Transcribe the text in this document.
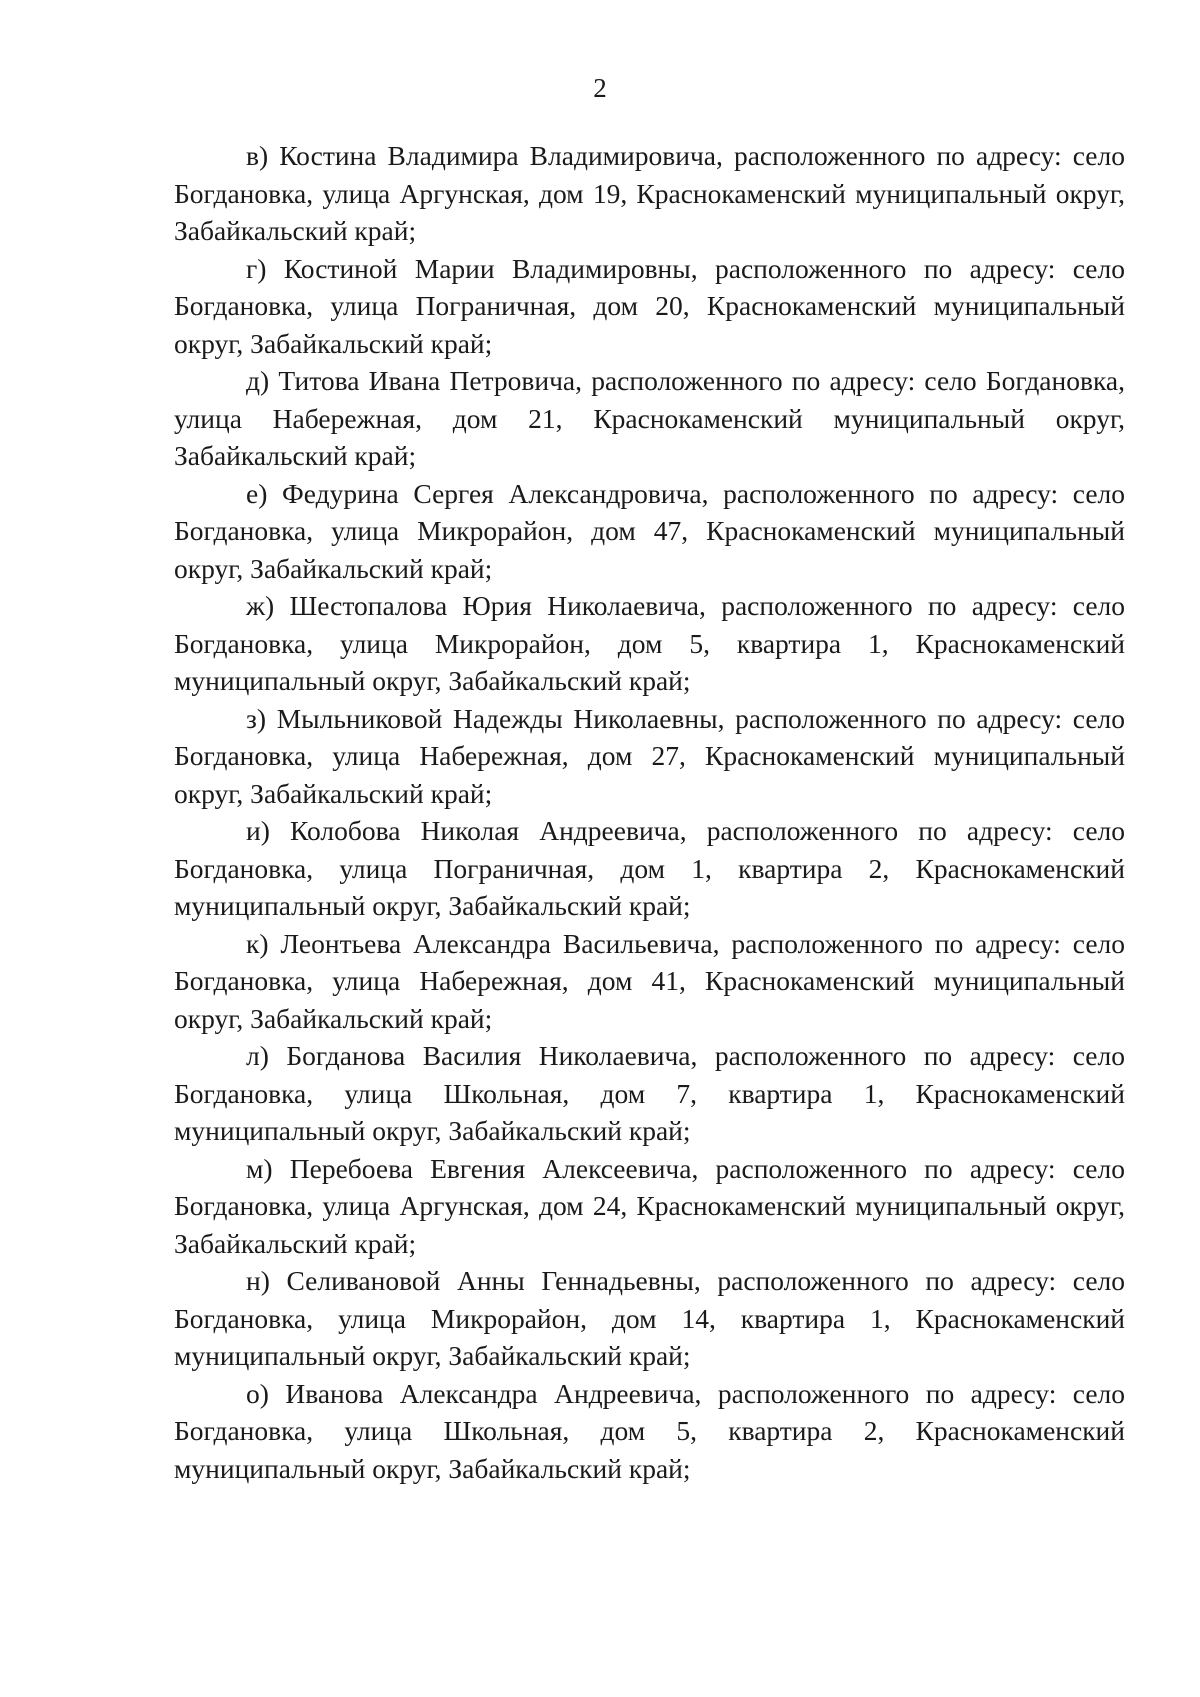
2

в) Костина Владимира Владимировича, расположенного по адресу: село Богдановка, улица Аргунская, дом 19, Краснокаменский муниципальный округ, Забайкальский край;

г) Костиной Марии Владимировны, расположенного по адресу: село Богдановка, улица Пограничная, дом 20, Краснокаменский муниципальный округ, Забайкальский край;

д) Титова Ивана Петровича, расположенного по адресу: село Богдановка, улица Набережная, дом 21, Краснокаменский муниципальный округ, Забайкальский край;

е) Федурина Сергея Александровича, расположенного по адресу: село Богдановка, улица Микрорайон, дом 47, Краснокаменский муниципальный округ, Забайкальский край;

ж) Шестопалова Юрия Николаевича, расположенного по адресу: село Богдановка, улица Микрорайон, дом 5, квартира 1, Краснокаменский муниципальный округ, Забайкальский край;

з) Мыльниковой Надежды Николаевны, расположенного по адресу: село Богдановка, улица Набережная, дом 27, Краснокаменский муниципальный округ, Забайкальский край;

и) Колобова Николая Андреевича, расположенного по адресу: село Богдановка, улица Пограничная, дом 1, квартира 2, Краснокаменский муниципальный округ, Забайкальский край;

к) Леонтьева Александра Васильевича, расположенного по адресу: село Богдановка, улица Набережная, дом 41, Краснокаменский муниципальный округ, Забайкальский край;

л) Богданова Василия Николаевича, расположенного по адресу: село Богдановка, улица Школьная, дом 7, квартира 1, Краснокаменский муниципальный округ, Забайкальский край;

м) Перебоева Евгения Алексеевича, расположенного по адресу: село Богдановка, улица Аргунская, дом 24, Краснокаменский муниципальный округ, Забайкальский край;

н) Селивановой Анны Геннадьевны, расположенного по адресу: село Богдановка, улица Микрорайон, дом 14, квартира 1, Краснокаменский муниципальный округ, Забайкальский край;

о) Иванова Александра Андреевича, расположенного по адресу: село Богдановка, улица Школьная, дом 5, квартира 2, Краснокаменский муниципальный округ, Забайкальский край;
